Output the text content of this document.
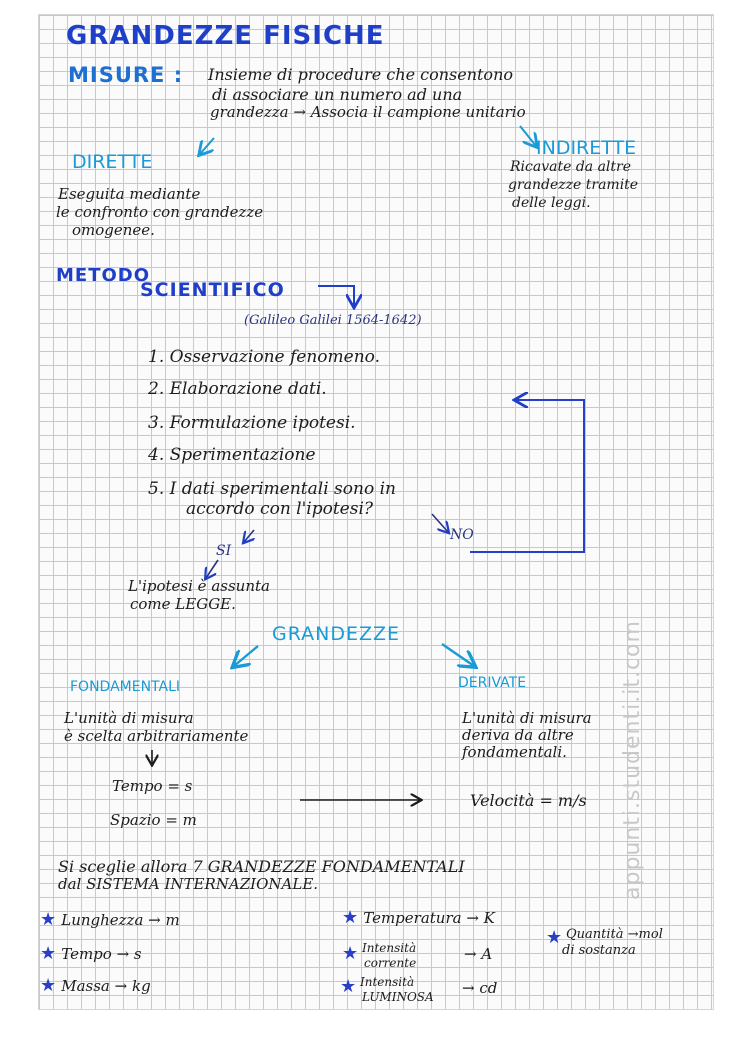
GRANDEZZE FISICHE
MISURE : Insieme di procedure che consentono
di associare un numero ad una
grandezza → Associa il campione unitario
DIRETTE
Eseguita mediante
le confronto con grandezze
omogenee.
INDIRETTE
Ricavate da altre
grandezze tramite
delle leggi.
METODO
SCIENTIFICO
(Galileo Galilei 1564-1642)
1. Osservazione fenomeno.
2. Elaborazione dati.
3. Formulazione ipotesi.
4. Sperimentazione
5. I dati sperimentali sono in
accordo con l'ipotesi?
SI
NO
L'ipotesi è assunta
come LEGGE.
GRANDEZZE
FONDAMENTALI
L'unità di misura
è scelta arbitrariamente
Tempo = s
Spazio = m
DERIVATE
L'unità di misura
deriva da altre
fondamentali.
Velocità = m/s
Si sceglie allora 7 GRANDEZZE FONDAMENTALI
dal SISTEMA INTERNAZIONALE.
★ Lunghezza → m
★ Tempo → s
★ Massa → kg
★ Temperatura → K
★ Intensità
corrente	→ A
★ Intensità
LUMINOSA → cd
★ Quantità →mol
di sostanza
appunti.studenti.it.com
